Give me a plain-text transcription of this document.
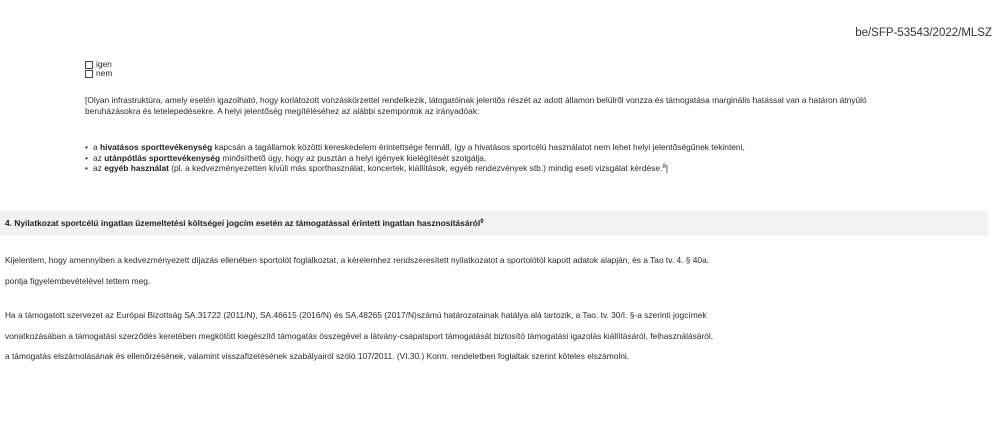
be/SFP-53543/2022/MLSZ
igen
nem
[Olyan infrastruktúra, amely esetén igazolható, hogy korlátozott vonzáskörzettel rendelkezik, látogatóinak jelentős részét az adott államon belülről vonzza és támogatása marginális hatással van a határon átnyúló beruházásokra és letelepedésekre. A helyi jelentőség megítéléséhez az alábbi szempontok az irányadóak:
• a hivatásos sporttevékenység kapcsán a tagállamok közötti kereskedelem érintettsége fennáll, így a hivatásos sportcélú használatot nem lehet helyi jelentőségűnek tekinteni,
• az utánpótlás sporttevékenység minősíthető úgy, hogy az pusztán a helyi igények kielégítését szolgálja,
• az egyéb használat (pl. a kedvezményezetten kívüli más sporthasználat, koncertek, kiállítások, egyéb rendezvények stb.) mindig eseti vizsgálat kérdése.$^8$]
4. Nyilatkozat sportcélú ingatlan üzemeltetési költségei jogcím esetén az támogatással érintett ingatlan hasznosításáról$^9$
Kijelentem, hogy amennyiben a kedvezményezett díjazás ellenében sportolót foglalkoztat, a kérelemhez rendszeresített nyilatkozatot a sportolótól kapott adatok alapján, és a Tao tv. 4. § 40a.
pontja figyelembevételével tettem meg.
Ha a támogatott szervezet az Európai Bizottság SA.31722 (2011/N), SA.46615 (2016/N) és SA.48265 (2017/N)számú határozatainak hatálya alá tartozik, a Tao. tv. 30/I. §-a szerinti jogcímek
vonatkozásában a támogatási szerződés keretében megkötött kiegészítő támogatás összegével a látvány-csapatsport támogatását biztosító támogatási igazolás kiállításáról, felhasználásáról,
a támogatás elszámolásának és ellenőrzésének, valamint visszafizetésének szabályairól szóló 107/2011. (VI.30.) Korm. rendeletben foglaltak szerint köteles elszámolni.
